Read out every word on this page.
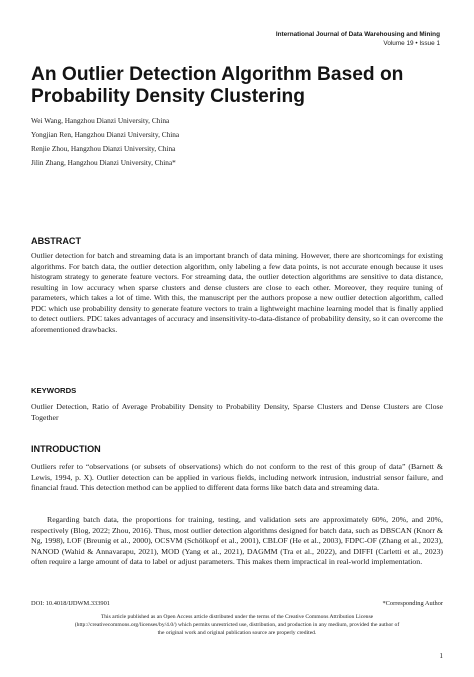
International Journal of Data Warehousing and Mining
Volume 19 • Issue 1
An Outlier Detection Algorithm Based on Probability Density Clustering
Wei Wang, Hangzhou Dianzi University, China
Yongjian Ren, Hangzhou Dianzi University, China
Renjie Zhou, Hangzhou Dianzi University, China
Jilin Zhang, Hangzhou Dianzi University, China*
ABSTRACT

Outlier detection for batch and streaming data is an important branch of data mining. However, there are shortcomings for existing algorithms. For batch data, the outlier detection algorithm, only labeling a few data points, is not accurate enough because it uses histogram strategy to generate feature vectors. For streaming data, the outlier detection algorithms are sensitive to data distance, resulting in low accuracy when sparse clusters and dense clusters are close to each other. Moreover, they require tuning of parameters, which takes a lot of time. With this, the manuscript per the authors propose a new outlier detection algorithm, called PDC which use probability density to generate feature vectors to train a lightweight machine learning model that is finally applied to detect outliers. PDC takes advantages of accuracy and insensitivity-to-data-distance of probability density, so it can overcome the aforementioned drawbacks.

KEYWORDS

Outlier Detection, Ratio of Average Probability Density to Probability Density, Sparse Clusters and Dense Clusters are Close Together

INTRODUCTION

Outliers refer to “observations (or subsets of observations) which do not conform to the rest of this group of data” (Barnett & Lewis, 1994, p. X). Outlier detection can be applied in various fields, including network intrusion, industrial sensor failure, and financial fraud. This detection method can be applied to different data forms like batch data and streaming data.

Regarding batch data, the proportions for training, testing, and validation sets are approximately 60%, 20%, and 20%, respectively (Blog, 2022; Zhou, 2016). Thus, most outlier detection algorithms designed for batch data, such as DBSCAN (Knorr & Ng, 1998), LOF (Breunig et al., 2000), OCSVM (Schölkopf et al., 2001), CBLOF (He et al., 2003), FDPC-OF (Zhang et al., 2023), NANOD (Wahid & Annavarapu, 2021), MOD (Yang et al., 2021), DAGMM (Tra et al., 2022), and DIFFI (Carletti et al., 2023) often require a large amount of data to label or adjust parameters. This makes them impractical in real-world implementation.

DOI: 10.4018/IJDWM.333901	*Corresponding Author

This article published as an Open Access article distributed under the terms of the Creative Commons Attribution License (http://creativecommons.org/licenses/by/4.0/) which permits unrestricted use, distribution, and production in any medium, provided the author of the original work and original publication source are properly credited.

1
